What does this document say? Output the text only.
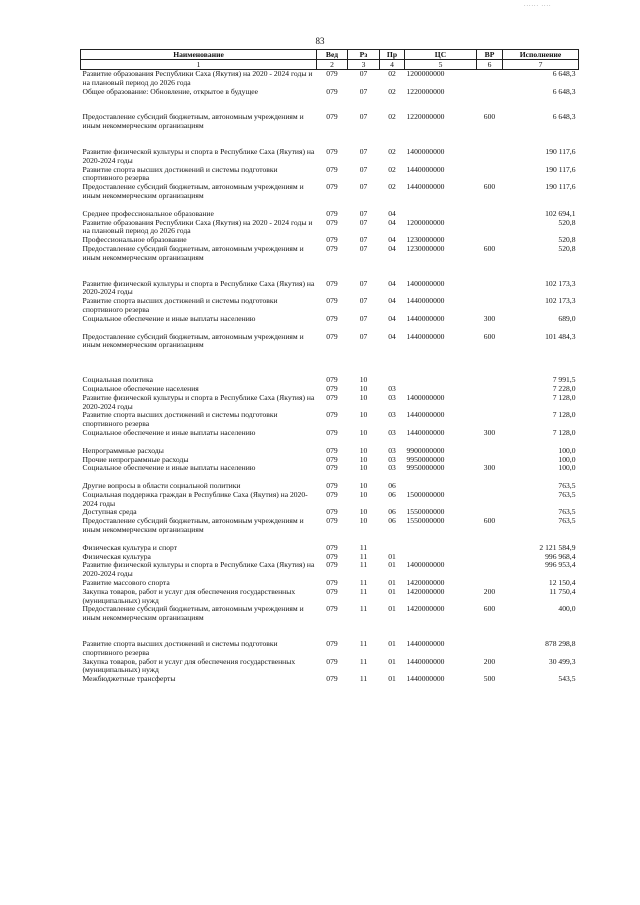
...... ....
83
Наименование	Вед	Рз	Пр	ЦС	ВР	Исполнение
1	2	3	4	5	6	7
Развитие образования Республики Саха (Якутия) на 2020 - 2024 годы и на плановый период до 2026 года	079	07	02	1200000000		6 648,3
Общее образование: Обновление, открытое в будущее	079	07	02	1220000000		6 648,3

Предоставление субсидий бюджетным, автономным учреждениям и иным некоммерческим организациям	079	07	02	1220000000	600	6 648,3

Развитие физической культуры и спорта в Республике Саха (Якутия) на 2020-2024 годы	079	07	02	1400000000		190 117,6
Развитие спорта высших достижений и системы подготовки спортивного резерва	079	07	02	1440000000		190 117,6
Предоставление субсидий бюджетным, автономным учреждениям и иным некоммерческим организациям	079	07	02	1440000000	600	190 117,6

Среднее профессиональное образование	079	07	04			102 694,1
Развитие образования Республики Саха (Якутия) на 2020 - 2024 годы и на плановый период до 2026 года	079	07	04	1200000000		520,8
Профессиональное образование	079	07	04	1230000000		520,8
Предоставление субсидий бюджетным, автономным учреждениям и иным некоммерческим организациям	079	07	04	1230000000	600	520,8

Развитие физической культуры и спорта в Республике Саха (Якутия) на 2020-2024 годы	079	07	04	1400000000		102 173,3
Развитие спорта высших достижений и системы подготовки спортивного резерва	079	07	04	1440000000		102 173,3
Социальное обеспечение и иные выплаты населению	079	07	04	1440000000	300	689,0

Предоставление субсидий бюджетным, автономным учреждениям и иным некоммерческим организациям	079	07	04	1440000000	600	101 484,3

Социальная политика	079	10				7 991,5
Социальное обеспечение населения	079	10	03			7 228,0
Развитие физической культуры и спорта в Республике Саха (Якутия) на 2020-2024 годы	079	10	03	1400000000		7 128,0
Развитие спорта высших достижений и системы подготовки спортивного резерва	079	10	03	1440000000		7 128,0
Социальное обеспечение и иные выплаты населению	079	10	03	1440000000	300	7 128,0

Непрограммные расходы	079	10	03	9900000000		100,0
Прочие непрограммные расходы	079	10	03	9950000000		100,0
Социальное обеспечение и иные выплаты населению	079	10	03	9950000000	300	100,0

Другие вопросы в области социальной политики	079	10	06			763,5
Социальная поддержка граждан в Республике Саха (Якутия) на 2020-2024 годы	079	10	06	1500000000		763,5
Доступная среда	079	10	06	1550000000		763,5
Предоставление субсидий бюджетным, автономным учреждениям и иным некоммерческим организациям	079	10	06	1550000000	600	763,5

Физическая культура и спорт	079	11				2 121 584,9
Физическая культура	079	11	01			996 968,4
Развитие физической культуры и спорта в Республике Саха (Якутия) на 2020-2024 годы	079	11	01	1400000000		996 953,4
Развитие массового спорта	079	11	01	1420000000		12 150,4
Закупка товаров, работ и услуг для обеспечения государственных (муниципальных) нужд	079	11	01	1420000000	200	11 750,4
Предоставление субсидий бюджетным, автономным учреждениям и иным некоммерческим организациям	079	11	01	1420000000	600	400,0

Развитие спорта высших достижений и системы подготовки спортивного резерва	079	11	01	1440000000		878 298,8
Закупка товаров, работ и услуг для обеспечения государственных (муниципальных) нужд	079	11	01	1440000000	200	30 499,3
Межбюджетные трансферты	079	11	01	1440000000	500	543,5
